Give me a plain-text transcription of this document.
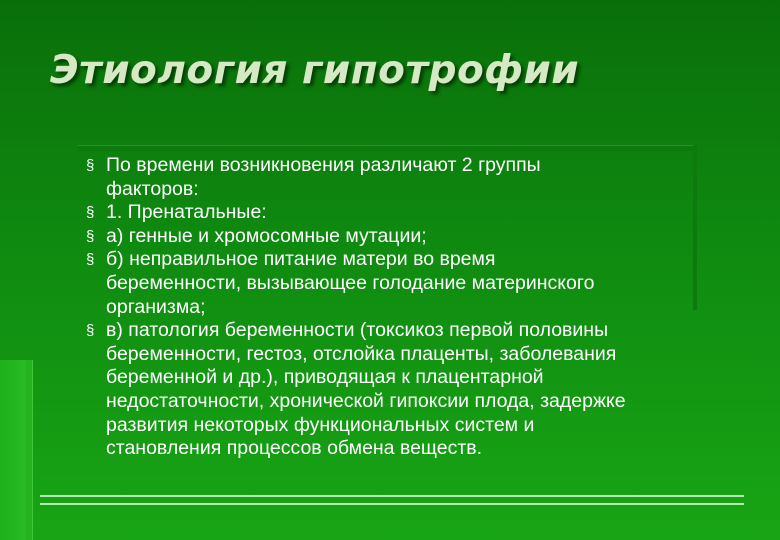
Этиология гипотрофии
§ По времени возникновения различают 2 группы
факторов:
§ 1. Пренатальные:
§ а) генные и хромосомные мутации;
§ б) неправильное питание матери во время
беременности, вызывающее голодание материнского
организма;
§ в) патология беременности (токсикоз первой половины
беременности, гестоз, отслойка плаценты, заболевания
беременной и др.), приводящая к плацентарной
недостаточности, хронической гипоксии плода, задержке
развития некоторых функциональных систем и
становления процессов обмена веществ.
